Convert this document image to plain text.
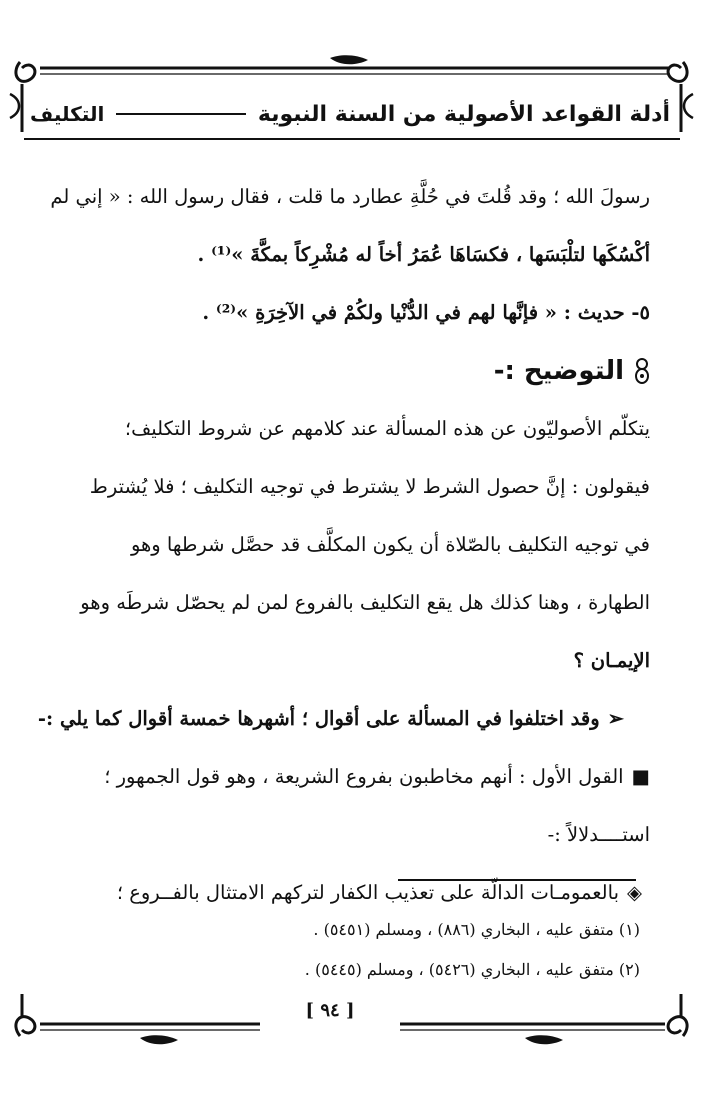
أدلة القواعد الأصولية من السنة النبوية
التكليف
رسولَ الله ؛ وقد قُلتَ في حُلَّةِ عطارد ما قلت ، فقال رسول الله : « إني لم
أكْسُكَها لتلْبَسَها ، فكسَاهَا عُمَرُ أخاً له مُشْرِكاً بمكَّةَ »⁽¹⁾ .
٥- حديث : « فإنَّها لهم في الدُّنْيا ولكُمْ في الآخِرَةِ »⁽²⁾ .
التوضيح :-
يتكلّم الأصوليّون عن هذه المسألة عند كلامهم عن شروط التكليف؛
فيقولون : إنَّ حصول الشرط لا يشترط في توجيه التكليف ؛ فلا يُشترط
في توجيه التكليف بالصّلاة أن يكون المكلَّف قد حصَّل شرطها وهو
الطهارة ، وهنا كذلك هل يقع التكليف بالفروع لمن لم يحصّل شرطَه وهو
الإيمـان ؟
➢
وقد اختلفوا في المسألة على أقوال ؛ أشهرها خمسة أقوال كما يلي :-
■
القول الأول : أنهم مخاطبون بفروع الشريعة ، وهو قول الجمهور ؛
استــــدلالاً :-
◈
بالعمومـات الدالّة على تعذيب الكفار لتركهم الامتثال بالفــروع ؛
(١) متفق عليه ، البخاري (٨٨٦) ، ومسلم (٥٤٥١) .
(٢) متفق عليه ، البخاري (٥٤٢٦) ، ومسلم (٥٤٤٥) .
[ ٩٤ ]
